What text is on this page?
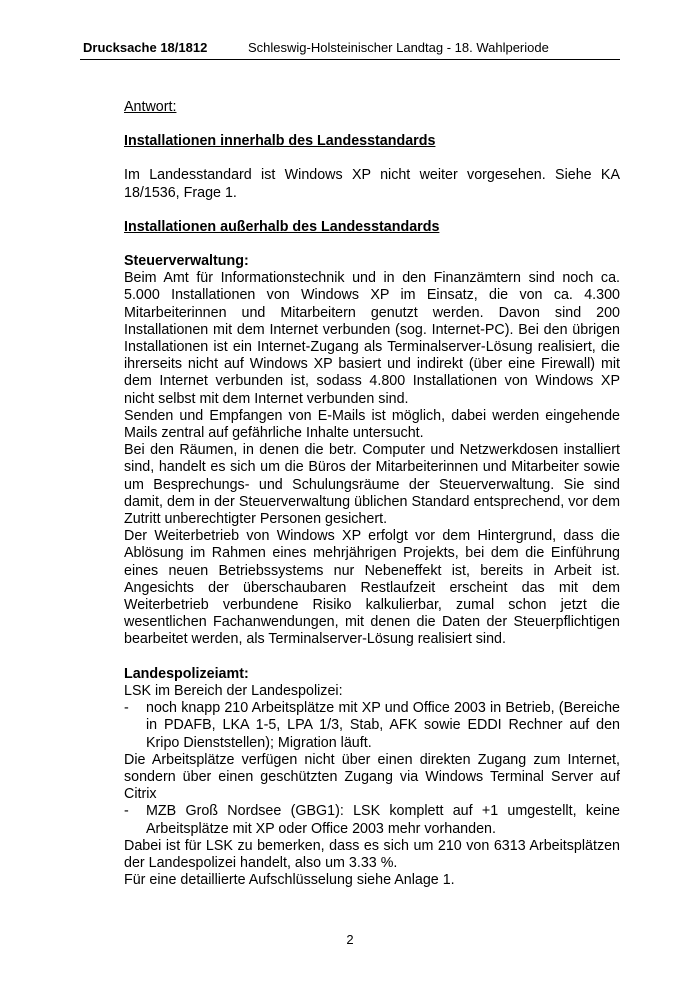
Drucksache 18/1812	Schleswig-Holsteinischer Landtag - 18. Wahlperiode

Antwort:

Installationen innerhalb des Landesstandards

Im Landesstandard ist Windows XP nicht weiter vorgesehen. Siehe KA 18/1536, Frage 1.

Installationen außerhalb des Landesstandards

Steuerverwaltung:

Beim Amt für Informationstechnik und in den Finanzämtern sind noch ca. 5.000 Installationen von Windows XP im Einsatz, die von ca. 4.300 Mitarbeiterinnen und Mitarbeitern genutzt werden. Davon sind 200 Installationen mit dem Internet verbunden (sog. Internet-PC). Bei den übrigen Installationen ist ein Internet-Zugang als Terminalserver-Lösung realisiert, die ihrerseits nicht auf Windows XP basiert und indirekt (über eine Firewall) mit dem Internet verbunden ist, sodass 4.800 Installationen von Windows XP nicht selbst mit dem Internet verbunden sind.

Senden und Empfangen von E-Mails ist möglich, dabei werden eingehende Mails zentral auf gefährliche Inhalte untersucht.

Bei den Räumen, in denen die betr. Computer und Netzwerkdosen installiert sind, handelt es sich um die Büros der Mitarbeiterinnen und Mitarbeiter sowie um Besprechungs- und Schulungsräume der Steuerverwaltung. Sie sind damit, dem in der Steuerverwaltung üblichen Standard entsprechend, vor dem Zutritt unberechtigter Personen gesichert.

Der Weiterbetrieb von Windows XP erfolgt vor dem Hintergrund, dass die Ablösung im Rahmen eines mehrjährigen Projekts, bei dem die Einführung eines neuen Betriebssystems nur Nebeneffekt ist, bereits in Arbeit ist. Angesichts der überschaubaren Restlaufzeit erscheint das mit dem Weiterbetrieb verbundene Risiko kalkulierbar, zumal schon jetzt die wesentlichen Fachanwendungen, mit denen die Daten der Steuerpflichtigen bearbeitet werden, als Terminalserver-Lösung realisiert sind.

Landespolizeiamt:

LSK im Bereich der Landespolizei:

-	noch knapp 210 Arbeitsplätze mit XP und Office 2003 in Betrieb, (Bereiche in PDAFB, LKA 1-5, LPA 1/3, Stab, AFK sowie EDDI Rechner auf den Kripo Dienststellen); Migration läuft.

Die Arbeitsplätze verfügen nicht über einen direkten Zugang zum Internet, sondern über einen geschützten Zugang via Windows Terminal Server auf Citrix

-	MZB Groß Nordsee (GBG1): LSK komplett auf +1 umgestellt, keine Arbeitsplätze mit XP oder Office 2003 mehr vorhanden.

Dabei ist für LSK zu bemerken, dass es sich um 210 von 6313 Arbeitsplätzen der Landespolizei handelt, also um 3.33 %.

Für eine detaillierte Aufschlüsselung siehe Anlage 1.

2
